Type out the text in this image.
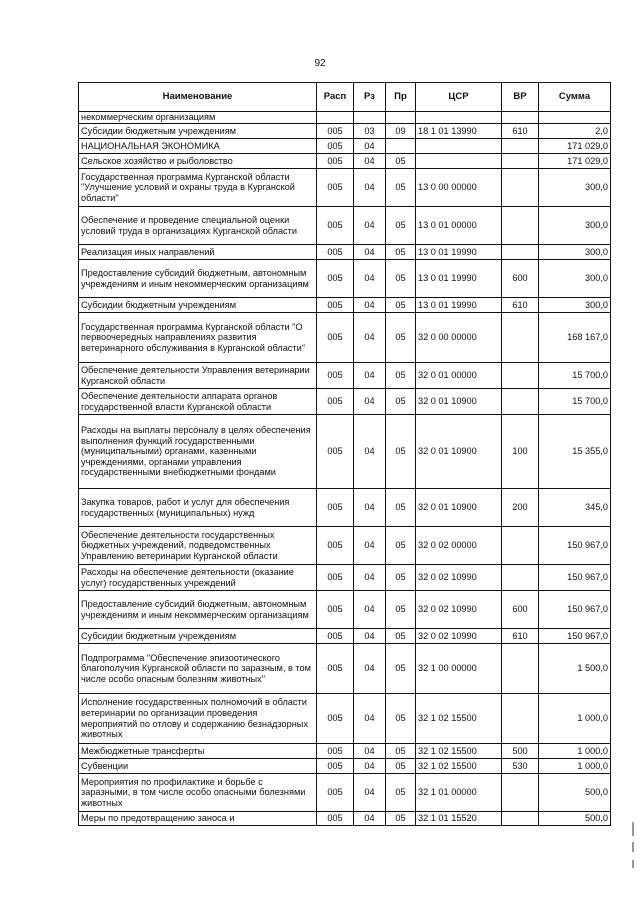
92
Наименование	Расп	Рз	Пр	ЦСР	ВР	Сумма
некоммерческим организациям						
Субсидии бюджетным учреждениям	005	03	09	18 1 01 13990	610	2,0
НАЦИОНАЛЬНАЯ ЭКОНОМИКА	005	04				171 029,0
Сельское хозяйство и рыболовство	005	04	05			171 029,0
Государственная программа Курганской области "Улучшение условий и охраны труда в Курганской области"	005	04	05	13 0 00 00000		300,0
Обеспечение и проведение специальной оценки условий труда в организациях Курганской области	005	04	05	13 0 01 00000		300,0
Реализация иных направлений	005	04	05	13 0 01 19990		300,0
Предоставление субсидий бюджетным, автономным учреждениям и иным некоммерческим организациям	005	04	05	13 0 01 19990	600	300,0
Субсидии бюджетным учреждениям	005	04	05	13 0 01 19990	610	300,0
Государственная программа Курганской области "О первоочередных направлениях развития ветеринарного обслуживания в Курганской области"	005	04	05	32 0 00 00000		168 167,0
Обеспечение деятельности Управления ветеринарии Курганской области	005	04	05	32 0 01 00000		15 700,0
Обеспечение деятельности аппарата органов государственной власти Курганской области	005	04	05	32 0 01 10900		15 700,0
Расходы на выплаты персоналу в целях обеспечения выполнения функций государственными (муниципальными) органами, казенными учреждениями, органами управления государственными внебюджетными фондами	005	04	05	32 0 01 10900	100	15 355,0
Закупка товаров, работ и услуг для обеспечения государственных (муниципальных) нужд	005	04	05	32 0 01 10900	200	345,0
Обеспечение деятельности государственных бюджетных учреждений, подведомственных Управлению ветеринарии Курганской области	005	04	05	32 0 02 00000		150 967,0
Расходы на обеспечение деятельности (оказание услуг) государственных учреждений	005	04	05	32 0 02 10990		150 967,0
Предоставление субсидий бюджетным, автономным учреждениям и иным некоммерческим организациям	005	04	05	32 0 02 10990	600	150 967,0
Субсидии бюджетным учреждениям	005	04	05	32 0 02 10990	610	150 967,0
Подпрограмма "Обеспечение эпизоотического благополучия Курганской области по заразным, в том числе особо опасным болезням животных"	005	04	05	32 1 00 00000		1 500,0
Исполнение государственных полномочий в области ветеринарии по организации проведения мероприятий по отлову и содержанию безнадзорных животных	005	04	05	32 1 02 15500		1 000,0
Межбюджетные трансферты	005	04	05	32 1 02 15500	500	1 000,0
Субвенции	005	04	05	32 1 02 15500	530	1 000,0
Мероприятия по профилактике и борьбе с заразными, в том числе особо опасными болезнями животных	005	04	05	32 1 01 00000		500,0
Меры по предотвращению заноса и	005	04	05	32 1 01 15520		500,0
